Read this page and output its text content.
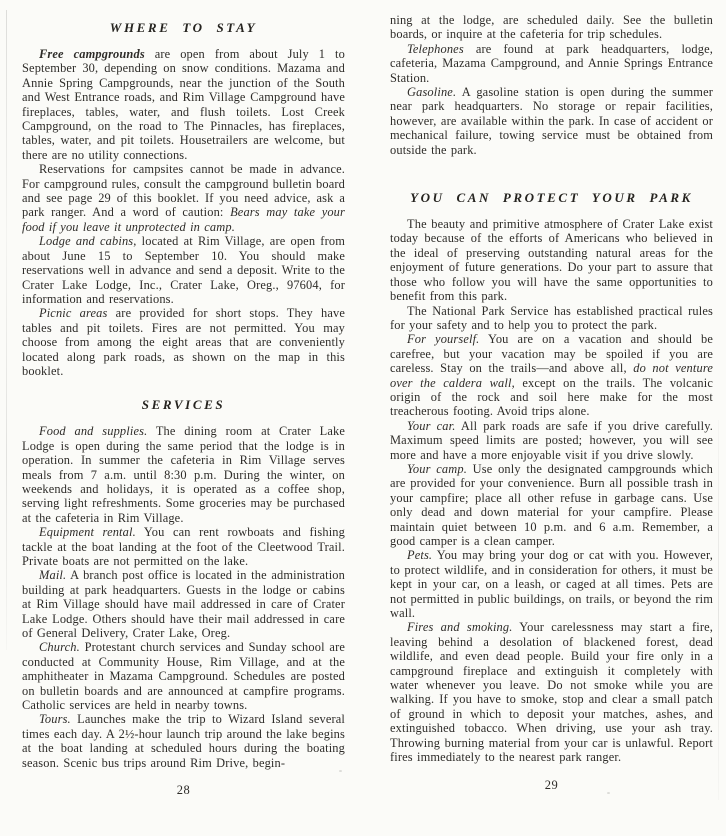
WHERE TO STAY

Free campgrounds are open from about July 1 to September 30, depending on snow conditions. Mazama and Annie Spring Campgrounds, near the junction of the South and West Entrance roads, and Rim Village Campground have fireplaces, tables, water, and flush toilets. Lost Creek Campground, on the road to The Pinnacles, has fireplaces, tables, water, and pit toilets. Housetrailers are welcome, but there are no utility connections.

Reservations for campsites cannot be made in advance. For campground rules, consult the campground bulletin board and see page 29 of this booklet. If you need advice, ask a park ranger. And a word of caution: Bears may take your food if you leave it unprotected in camp.

Lodge and cabins, located at Rim Village, are open from about June 15 to September 10. You should make reservations well in advance and send a deposit. Write to the Crater Lake Lodge, Inc., Crater Lake, Oreg., 97604, for information and reservations.

Picnic areas are provided for short stops. They have tables and pit toilets. Fires are not permitted. You may choose from among the eight areas that are conveniently located along park roads, as shown on the map in this booklet.

SERVICES

Food and supplies. The dining room at Crater Lake Lodge is open during the same period that the lodge is in operation. In summer the cafeteria in Rim Village serves meals from 7 a.m. until 8:30 p.m. During the winter, on weekends and holidays, it is operated as a coffee shop, serving light refreshments. Some groceries may be purchased at the cafeteria in Rim Village.

Equipment rental. You can rent rowboats and fishing tackle at the boat landing at the foot of the Cleetwood Trail. Private boats are not permitted on the lake.

Mail. A branch post office is located in the administration building at park headquarters. Guests in the lodge or cabins at Rim Village should have mail addressed in care of Crater Lake Lodge. Others should have their mail addressed in care of General Delivery, Crater Lake, Oreg.

Church. Protestant church services and Sunday school are conducted at Community House, Rim Village, and at the amphitheater in Mazama Campground. Schedules are posted on bulletin boards and are announced at campfire programs. Catholic services are held in nearby towns.

Tours. Launches make the trip to Wizard Island several times each day. A 2½-hour launch trip around the lake begins at the boat landing at scheduled hours during the boating season. Scenic bus trips around Rim Drive, begin-

28

ning at the lodge, are scheduled daily. See the bulletin boards, or inquire at the cafeteria for trip schedules.

Telephones are found at park headquarters, lodge, cafeteria, Mazama Campground, and Annie Springs Entrance Station.

Gasoline. A gasoline station is open during the summer near park headquarters. No storage or repair facilities, however, are available within the park. In case of accident or mechanical failure, towing service must be obtained from outside the park.

YOU CAN PROTECT YOUR PARK

The beauty and primitive atmosphere of Crater Lake exist today because of the efforts of Americans who believed in the ideal of preserving outstanding natural areas for the enjoyment of future generations. Do your part to assure that those who follow you will have the same opportunities to benefit from this park.

The National Park Service has established practical rules for your safety and to help you to protect the park.

For yourself. You are on a vacation and should be carefree, but your vacation may be spoiled if you are careless. Stay on the trails—and above all, do not venture over the caldera wall, except on the trails. The volcanic origin of the rock and soil here make for the most treacherous footing. Avoid trips alone.

Your car. All park roads are safe if you drive carefully. Maximum speed limits are posted; however, you will see more and have a more enjoyable visit if you drive slowly.

Your camp. Use only the designated campgrounds which are provided for your convenience. Burn all possible trash in your campfire; place all other refuse in garbage cans. Use only dead and down material for your campfire. Please maintain quiet between 10 p.m. and 6 a.m. Remember, a good camper is a clean camper.

Pets. You may bring your dog or cat with you. However, to protect wildlife, and in consideration for others, it must be kept in your car, on a leash, or caged at all times. Pets are not permitted in public buildings, on trails, or beyond the rim wall.

Fires and smoking. Your carelessness may start a fire, leaving behind a desolation of blackened forest, dead wildlife, and even dead people. Build your fire only in a campground fireplace and extinguish it completely with water whenever you leave. Do not smoke while you are walking. If you have to smoke, stop and clear a small patch of ground in which to deposit your matches, ashes, and extinguished tobacco. When driving, use your ash tray. Throwing burning material from your car is unlawful. Report fires immediately to the nearest park ranger.

29
